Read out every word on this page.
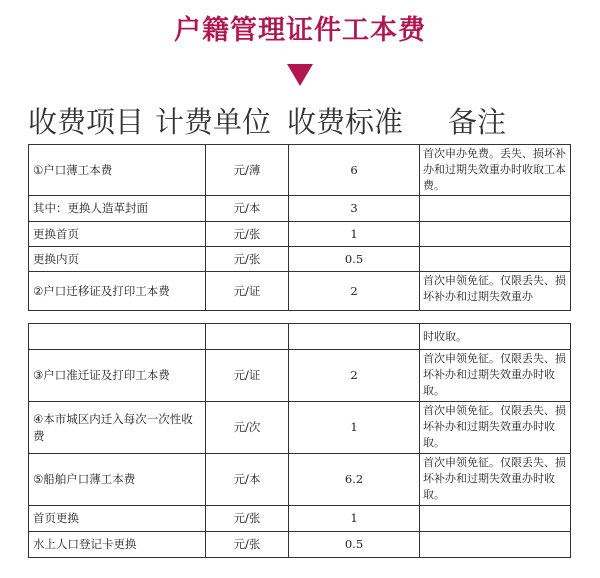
户籍管理证件工本费
收费项目 计费单位 收费标准 备注
①户口薄工本费	元/薄	6	首次申办免费。丢失、损坏补办和过期失效重办时收取工本费。
其中：更换人造革封面	元/本	3	
更换首页	元/张	1	
更换内页	元/张	0.5	
②户口迁移证及打印工本费	元/证	2	首次申领免征。仅限丢失、损坏补办和过期失效重办
			时收取。
③户口准迁证及打印工本费	元/证	2	首次申领免征。仅限丢失、损坏补办和过期失效重办时收取。
④本市城区内迁入每次一次性收费	元/次	1	首次申领免征。仅限丢失、损坏补办和过期失效重办时收取。
⑤船舶户口薄工本费	元/本	6.2	首次申领免征。仅限丢失、损坏补办和过期失效重办时收取。
首页更换	元/张	1	
水上人口登记卡更换	元/张	0.5	
